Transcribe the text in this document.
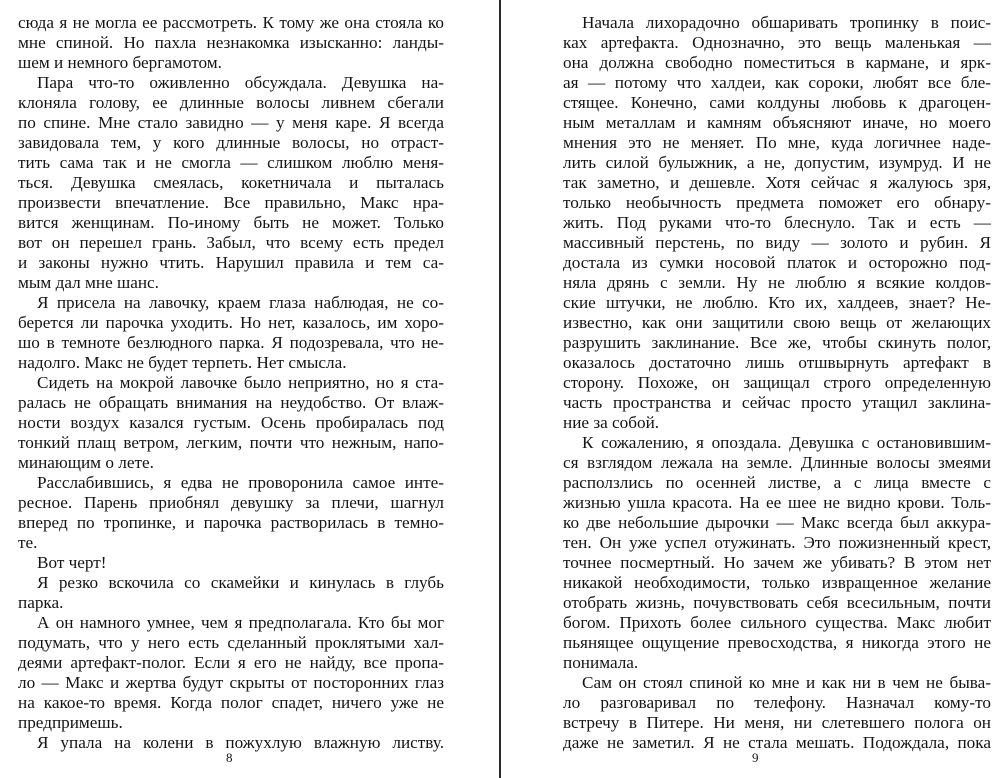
сюда я не могла ее рассмотреть. К тому же она стояла ко
мне спиной. Но пахла незнакомка изысканно: ланды-
шем и немного бергамотом.
Пара что-то оживленно обсуждала. Девушка на-
клоняла голову, ее длинные волосы ливнем сбегали
по спине. Мне стало завидно — у меня каре. Я всегда
завидовала тем, у кого длинные волосы, но отраст-
тить сама так и не смогла — слишком люблю меня-
ться. Девушка смеялась, кокетничала и пыталась
произвести впечатление. Все правильно, Макс нра-
вится женщинам. По-иному быть не может. Только
вот он перешел грань. Забыл, что всему есть предел
и законы нужно чтить. Нарушил правила и тем са-
мым дал мне шанс.
Я присела на лавочку, краем глаза наблюдая, не со-
берется ли парочка уходить. Но нет, казалось, им хоро-
шо в темноте безлюдного парка. Я подозревала, что не-
надолго. Макс не будет терпеть. Нет смысла.
Сидеть на мокрой лавочке было неприятно, но я ста-
ралась не обращать внимания на неудобство. От влаж-
ности воздух казался густым. Осень пробиралась под
тонкий плащ ветром, легким, почти что нежным, напо-
минающим о лете.
Расслабившись, я едва не проворонила самое инте-
ресное. Парень приобнял девушку за плечи, шагнул
вперед по тропинке, и парочка растворилась в темно-
те.
Вот черт!
Я резко вскочила со скамейки и кинулась в глубь
парка.
А он намного умнее, чем я предполагала. Кто бы мог
подумать, что у него есть сделанный проклятыми хал-
деями артефакт-полог. Если я его не найду, все пропа-
ло — Макс и жертва будут скрыты от посторонних глаз
на какое-то время. Когда полог спадет, ничего уже не
предпримешь.
Я упала на колени в пожухлую влажную листву.
8
Начала лихорадочно обшаривать тропинку в поис-
ках артефакта. Однозначно, это вещь маленькая —
она должна свободно поместиться в кармане, и ярк-
ая — потому что халдеи, как сороки, любят все бле-
стящее. Конечно, сами колдуны любовь к драгоцен-
ным металлам и камням объясняют иначе, но моего
мнения это не меняет. По мне, куда логичнее наде-
лить силой булыжник, а не, допустим, изумруд. И не
так заметно, и дешевле. Хотя сейчас я жалуюсь зря,
только необычность предмета поможет его обнару-
жить. Под руками что-то блеснуло. Так и есть —
массивный перстень, по виду — золото и рубин. Я
достала из сумки носовой платок и осторожно под-
няла дрянь с земли. Ну не люблю я всякие колдов-
ские штучки, не люблю. Кто их, халдеев, знает? Не-
известно, как они защитили свою вещь от желающих
разрушить заклинание. Все же, чтобы скинуть полог,
оказалось достаточно лишь отшвырнуть артефакт в
сторону. Похоже, он защищал строго определенную
часть пространства и сейчас просто утащил заклина-
ние за собой.
К сожалению, я опоздала. Девушка с остановившим-
ся взглядом лежала на земле. Длинные волосы змеями
расползлись по осенней листве, а с лица вместе с
жизнью ушла красота. На ее шее не видно крови. Толь-
ко две небольшие дырочки — Макс всегда был аккура-
тен. Он уже успел отужинать. Это пожизненный крест,
точнее посмертный. Но зачем же убивать? В этом нет
никакой необходимости, только извращенное желание
отобрать жизнь, почувствовать себя всесильным, почти
богом. Прихоть более сильного существа. Макс любит
пьянящее ощущение превосходства, я никогда этого не
понимала.
Сам он стоял спиной ко мне и как ни в чем не быва-
ло разговаривал по телефону. Назначал кому-то
встречу в Питере. Ни меня, ни слетевшего полога он
даже не заметил. Я не стала мешать. Подождала, пока
9
